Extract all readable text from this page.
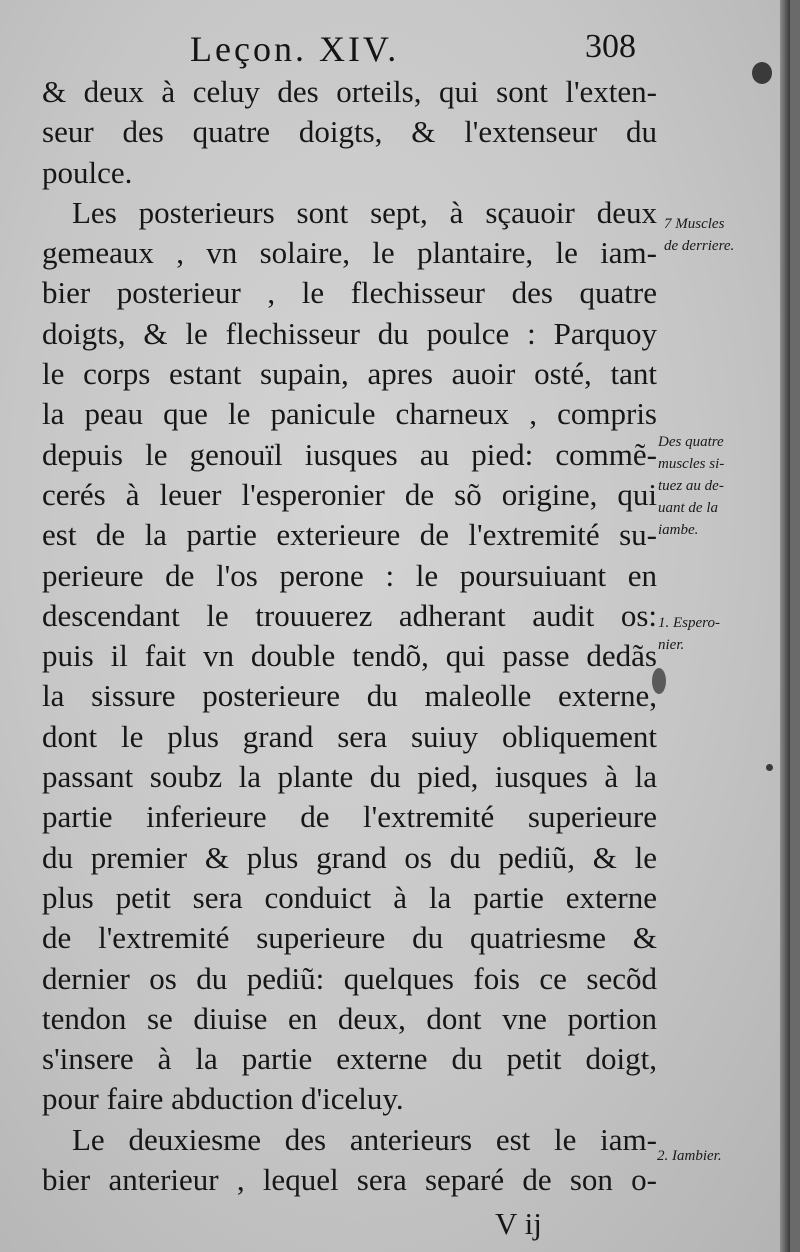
Leçon. XIV.	308
& deux à celuy des orteils, qui sont l'exten-
seur des quatre doigts, & l'extenseur du
poulce.
Les posterieurs sont sept, à sçauoir deux
gemeaux , vn solaire, le plantaire, le iam-
bier posterieur , le flechisseur des quatre
doigts, & le flechisseur du poulce : Parquoy
le corps estant supain, apres auoir osté, tant
la peau que le panicule charneux , compris
depuis le genouïl iusques au pied: commẽ-
cerés à leuer l'esperonier de sõ origine, qui
est de la partie exterieure de l'extremité su-
perieure de l'os perone : le poursuiuant en
descendant le trouuerez adherant audit os:
puis il fait vn double tendõ, qui passe dedãs
la sissure posterieure du maleolle externe,
dont le plus grand sera suiuy obliquement
passant soubz la plante du pied, iusques à la
partie inferieure de l'extremité superieure
du premier & plus grand os du pediũ, & le
plus petit sera conduict à la partie externe
de l'extremité superieure du quatriesme &
dernier os du pediũ: quelques fois ce secõd
tendon se diuise en deux, dont vne portion
s'insere à la partie externe du petit doigt,
pour faire abduction d'iceluy.
Le deuxiesme des anterieurs est le iam-
bier anterieur , lequel sera separé de son o-
7 Muscles
de derriere.
Des quatre
muscles si-
tuez au de-
uant de la
iambe.
1. Espero-
nier.
2. Iambier.
V ij
